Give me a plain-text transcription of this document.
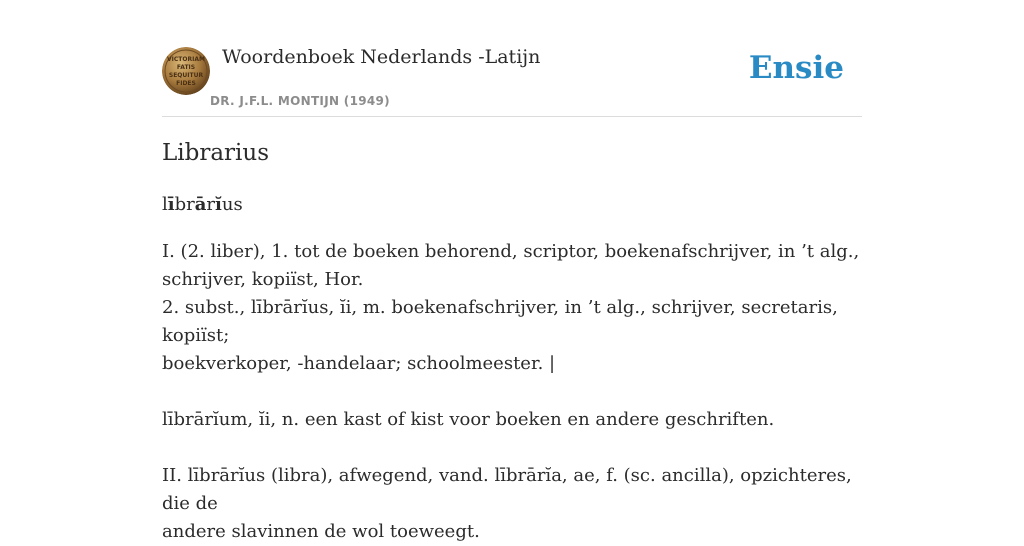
VICTORIAM
FATIS
SEQUITUR
FIDES
Woordenboek Nederlands -Latijn
DR. J.F.L. MONTIJN (1949)
Ensie
Librarius
lībrārĭus

I. (2. liber), 1. tot de boeken behorend, scriptor, boekenafschrijver, in ’t alg.,

schrijver, kopiïst, Hor.

2. subst., lībrārĭus, ĭi, m. boekenafschrijver, in ’t alg., schrijver, secretaris, kopiïst;

boekverkoper, -handelaar; schoolmeester. |

lībrārĭum, ĭi, n. een kast of kist voor boeken en andere geschriften.

II. lībrārĭus (libra), afwegend, vand. lībrārĭa, ae, f. (sc. ancilla), opzichteres, die de

andere slavinnen de wol toeweegt.
